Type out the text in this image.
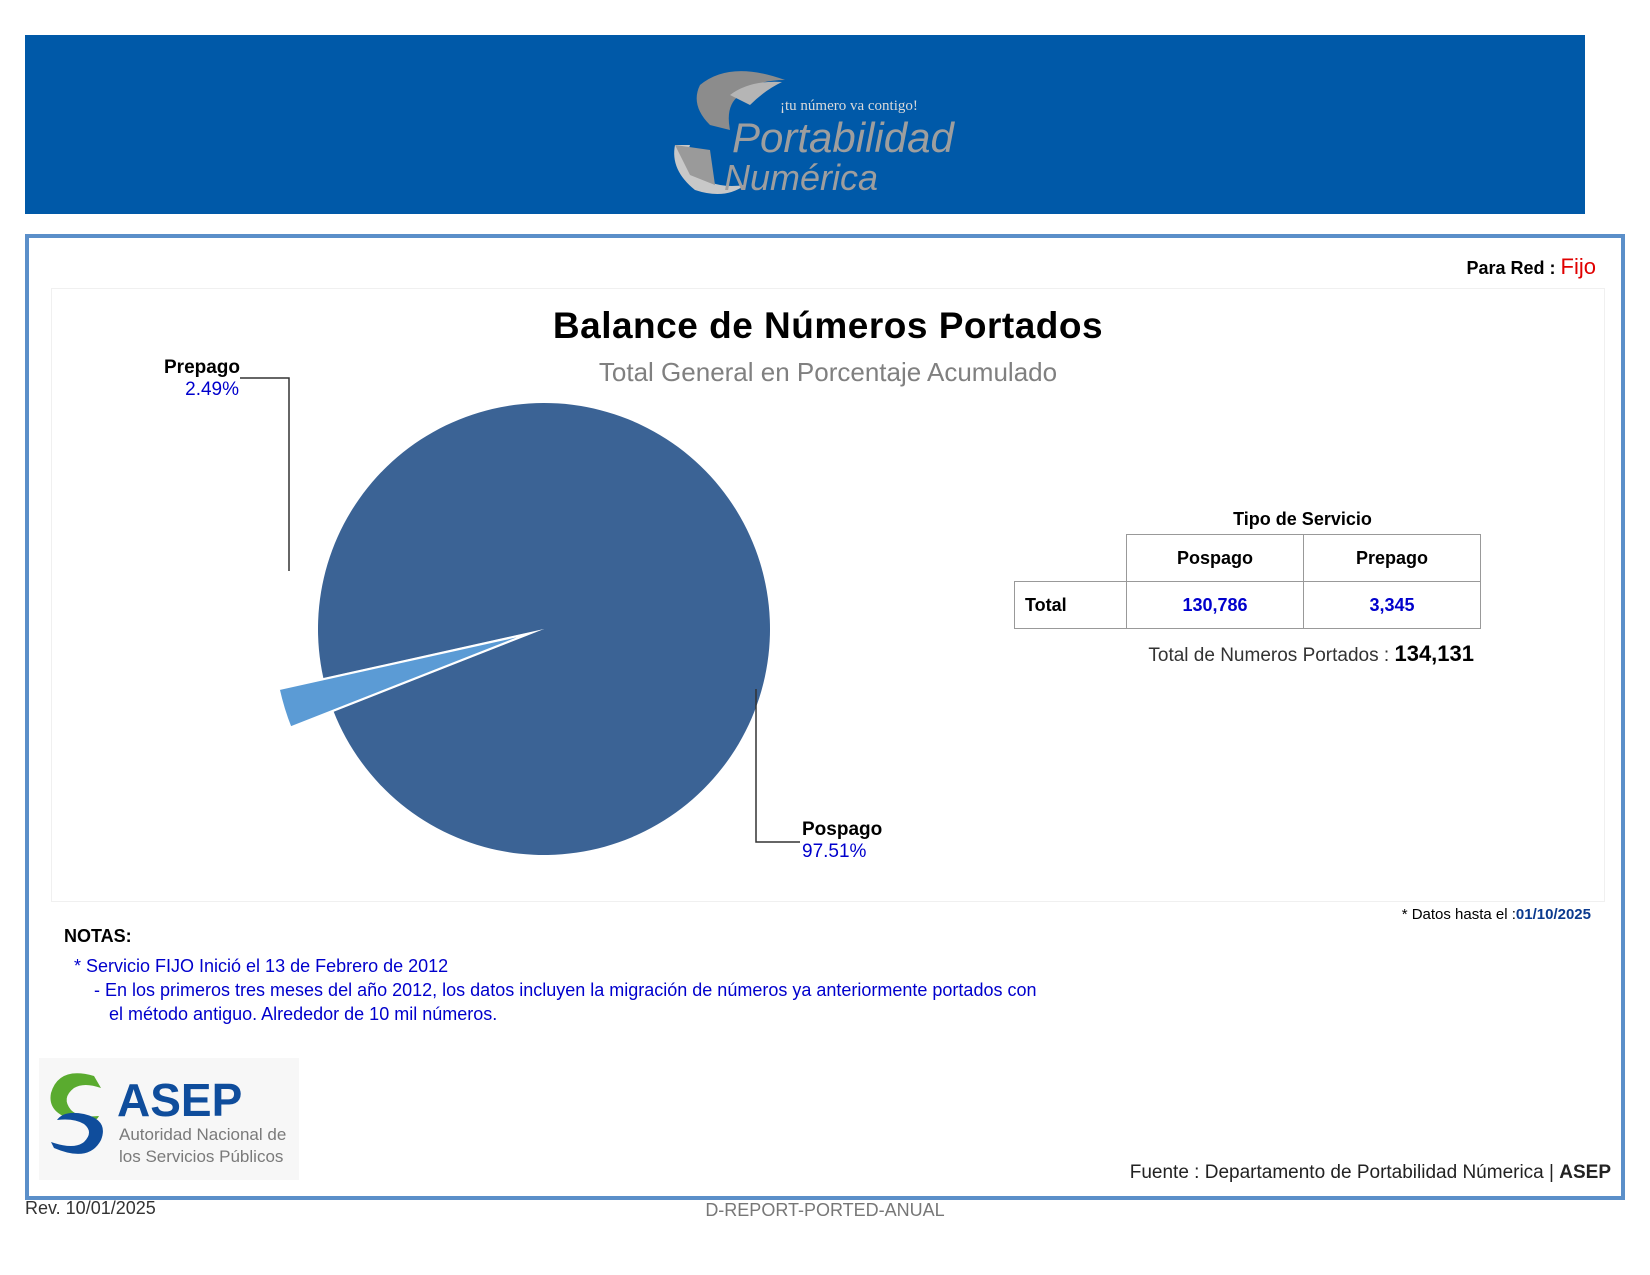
¡tu número va contigo!
Portabilidad
Numérica
Para Red : Fijo
Balance de Números Portados
Total General en Porcentaje Acumulado
Prepago
2.49%
Pospago
97.51%
Tipo de Servicio
	Pospago	Prepago
Total	130,786	3,345
Total de Numeros Portados : 134,131
* Datos hasta el :01/10/2025
NOTAS:
* Servicio FIJO Inició el 13 de Febrero de 2012
- En los primeros tres meses del año 2012, los datos incluyen la migración de números ya anteriormente portados con
el método antiguo. Alrededor de 10 mil números.
ASEP
Autoridad Nacional de
los Servicios Públicos
Fuente : Departamento de Portabilidad Númerica | ASEP
Rev. 10/01/2025	D-REPORT-PORTED-ANUAL
